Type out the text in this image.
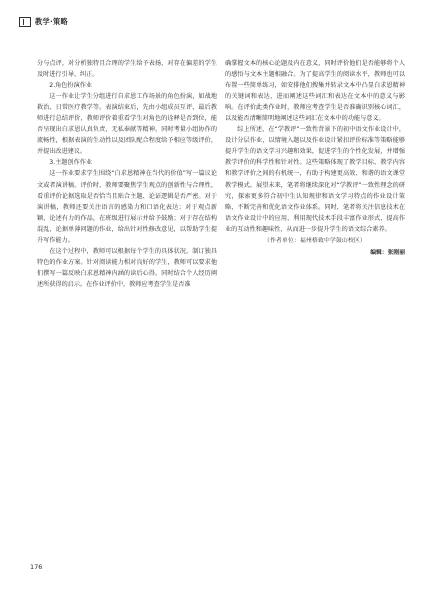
教学·策略

分与点评，对分析独特且合理的学生给予表扬，对存在偏差的学生及时进行引导、纠正。

2.角色扮演作业

这一作业让学生分组进行自求恩工作场景的角色扮演，如战地救治、日常医疗教学等。表演结束后，先由小组成员互评，最后教师进行总结评价，教师评价着重看学生对角色的诠释是否到位，能否呈现出白求恩认真负责、无私奉献等精神。同时考量小组协作的流畅性，根据表演的生动性以及团队配合程度给予相应等级评价，并提出改进建议。

3.主题创作作业

这一作业要求学生围绕“白求恩精神在当代的价值”写一篇议论文或者演讲稿。评价时，教师要聚焦学生观点的创新性与合理性，看重评价论据选取是否恰当且贴合主题、论证逻辑是否严密。对于演讲稿，教师还要关注语言的感染力和口语化表达；对于观点新颖、论述有力的作品，在班级进行展示并给予鼓励；对于存在结构混乱、论据单薄问题的作业，给出针对性修改意见，以帮助学生提升写作能力。

在这个过程中，教师可以根据每个学生的具体状况，制订独具特色的作业方案。针对阅读能力相对良好的学生，教师可以要求他们撰写一篇反映白求恩精神内涵的读后心得，同时结合个人经历阐述所获得的启示。在作业评价中，教师应考查学生是否准

确掌握文本的核心论题及内在意义，同时评价他们是否能够将个人的感悟与文本主题相融合。为了提高学生的阅读水平，教师也可以布置一些简单练习，如安排他们搜集并转录文本中凸显白求恩精神的关键词和表达，进而阐述这些词汇和表达在文本中的意义与影响。在评价此类作业时，教师应考查学生是否准确识别核心词汇，以及能否清晰简明地阐述这些词汇在文本中的功能与意义。

综上所述，在“学教评”一致性背景下的初中语文作业设计中，设计分层作业，以情境入题以及作业设计紧扣评价标准等策略能够提升学生的语文学习兴趣和效果，促进学生的个性化发展，并增强教学评价的科学性和针对性。这些策略体现了教学目标、教学内容和教学评价之间的有机统一，有助于构建更高效、和谐的语文课堂教学模式。展望未来，笔者将继续深化对“学教评”一致性理念的研究，探索更多符合初中生认知规律和语文学习特点的作业设计策略，不断完善和优化语文作业体系。同时，笔者将关注信息技术在语文作业设计中的应用，利用现代技术手段丰富作业形式，提高作业的互动性和趣味性，从而进一步提升学生的语文综合素养。

（作者单位：福州格致中学鼓山校区）
编辑：张刚丽
176
